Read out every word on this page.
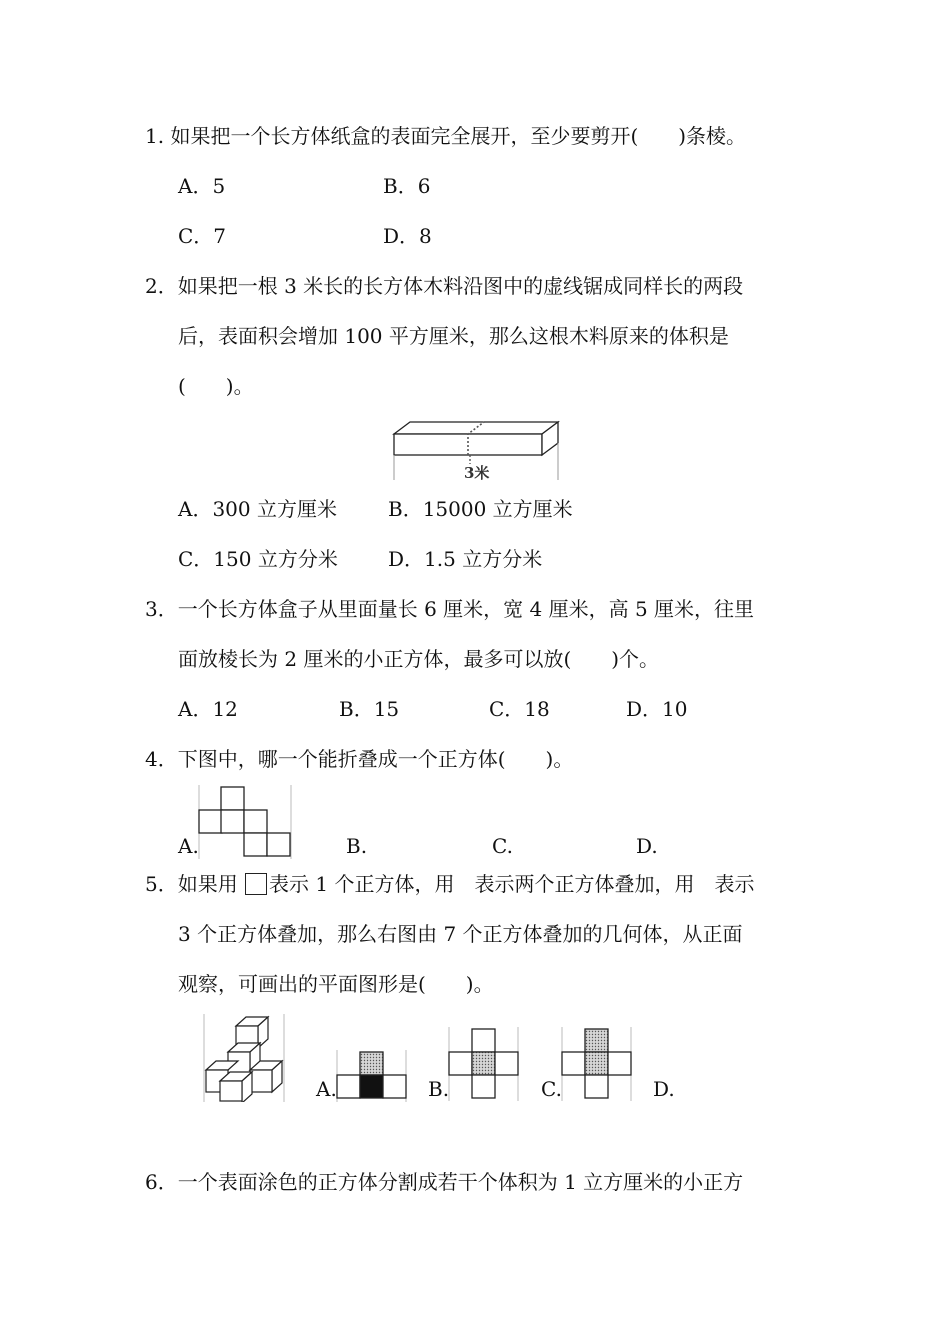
1. 如果把一个长方体纸盒的表面完全展开，至少要剪开(　　)条棱。
A．5	B．6
C．7	D．8
2．如果把一根 3 米长的长方体木料沿图中的虚线锯成同样长的两段
后，表面积会增加 100 平方厘米，那么这根木料原来的体积是
(　　)。
3米
A．300 立方厘米	B．15000 立方厘米
C．150 立方分米	D．1.5 立方分米
3．一个长方体盒子从里面量长 6 厘米，宽 4 厘米，高 5 厘米，往里
面放棱长为 2 厘米的小正方体，最多可以放(　　)个。
A．12	B．15	C．18	D．10
4．下图中，哪一个能折叠成一个正方体(　　)。
A.	B.	C.	D.
5．如果用 表示 1 个正方体，用　表示两个正方体叠加，用　表示
3 个正方体叠加，那么右图由 7 个正方体叠加的几何体，从正面
观察，可画出的平面图形是(　　)。
A.	B.	C.	D.
6．一个表面涂色的正方体分割成若干个体积为 1 立方厘米的小正方
